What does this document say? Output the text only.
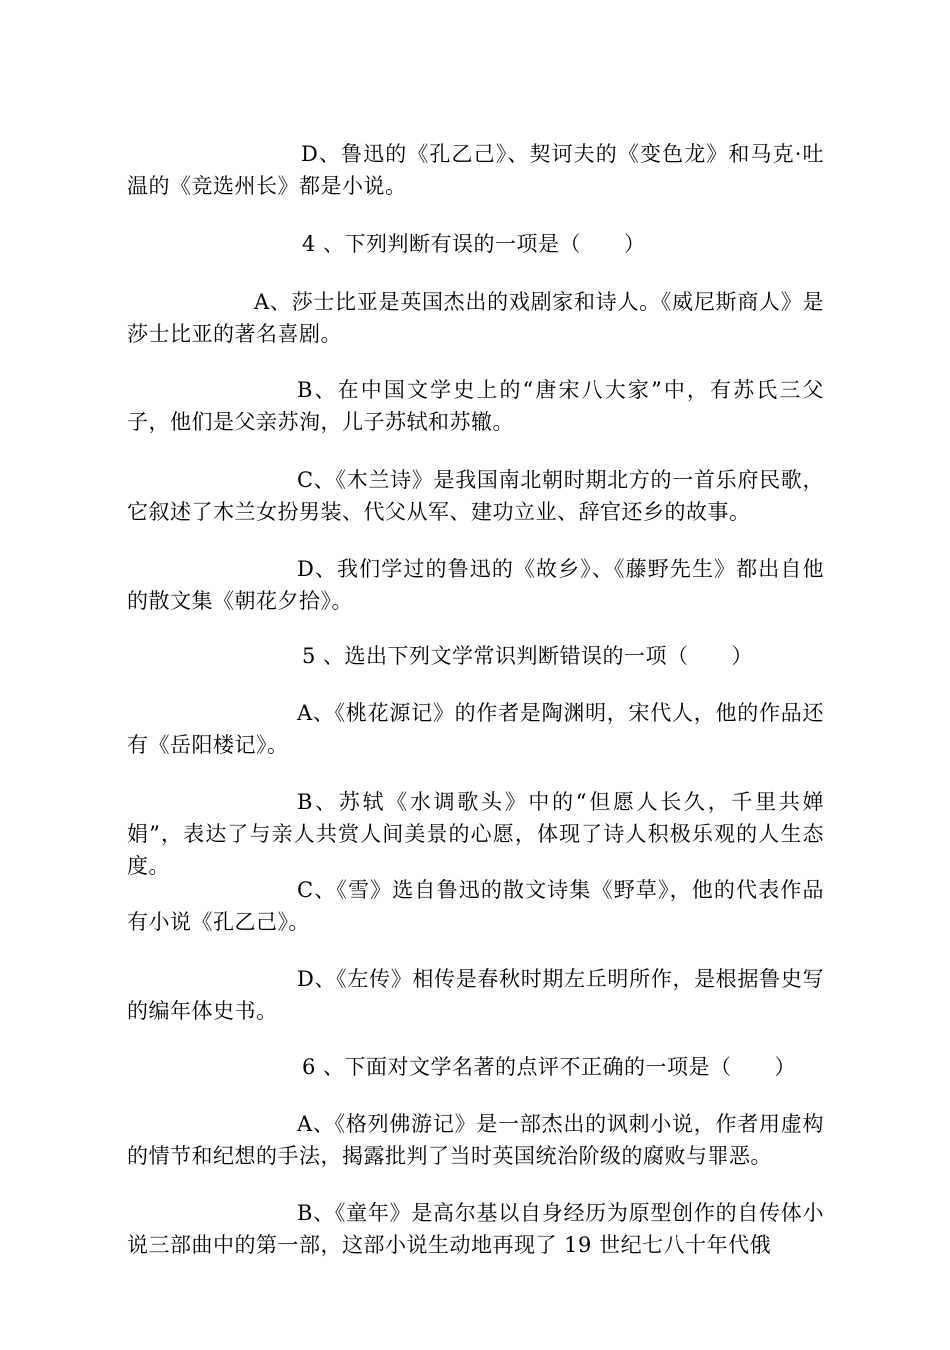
D、鲁迅的《孔乙己》、契诃夫的《变色龙》和马克·吐温的《竞选州长》都是小说。

4 、下列判断有误的一项是（　　）

A、莎士比亚是英国杰出的戏剧家和诗人。《威尼斯商人》是莎士比亚的著名喜剧。

B、在中国文学史上的“唐宋八大家”中，有苏氏三父子，他们是父亲苏洵，儿子苏轼和苏辙。

C、《木兰诗》是我国南北朝时期北方的一首乐府民歌，它叙述了木兰女扮男装、代父从军、建功立业、辞官还乡的故事。

D、我们学过的鲁迅的《故乡》、《藤野先生》都出自他的散文集《朝花夕拾》。

5 、选出下列文学常识判断错误的一项（　　）

A、《桃花源记》的作者是陶渊明，宋代人，他的作品还有《岳阳楼记》。

B、苏轼《水调歌头》中的“但愿人长久，千里共婵娟”，表达了与亲人共赏人间美景的心愿，体现了诗人积极乐观的人生态度。

C、《雪》选自鲁迅的散文诗集《野草》，他的代表作品有小说《孔乙己》。

D、《左传》相传是春秋时期左丘明所作，是根据鲁史写的编年体史书。

6 、下面对文学名著的点评不正确的一项是（　　）

A、《格列佛游记》是一部杰出的讽刺小说，作者用虚构的情节和纪想的手法，揭露批判了当时英国统治阶级的腐败与罪恶。

B、《童年》是高尔基以自身经历为原型创作的自传体小说三部曲中的第一部，这部小说生动地再现了 19 世纪七八十年代俄
